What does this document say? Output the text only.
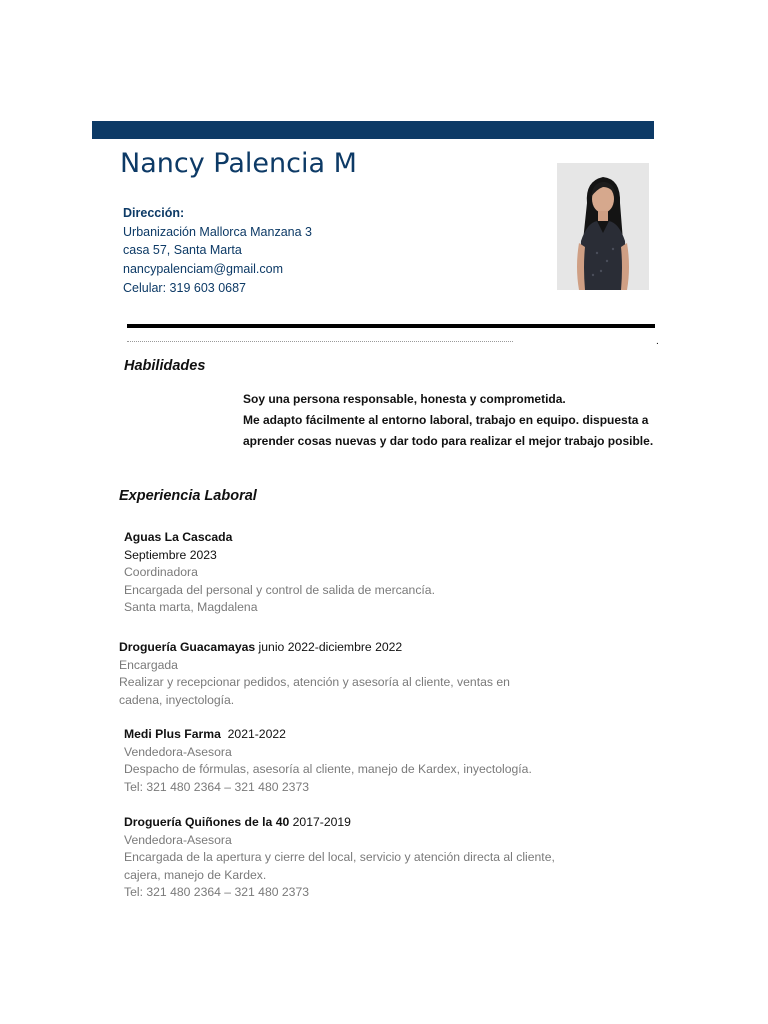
Nancy Palencia M
Dirección:
Urbanización Mallorca Manzana 3
casa 57, Santa Marta
nancypalenciam@gmail.com
Celular: 319 603 0687
.
Habilidades
Soy una persona responsable, honesta y comprometida.
Me adapto fácilmente al entorno laboral, trabajo en equipo. dispuesta a
aprender cosas nuevas y dar todo para realizar el mejor trabajo posible.
Experiencia Laboral
Aguas La Cascada
Septiembre 2023
Coordinadora
Encargada del personal y control de salida de mercancía.
Santa marta, Magdalena
Droguería Guacamayas junio 2022-diciembre 2022
Encargada
Realizar y recepcionar pedidos, atención y asesoría al cliente, ventas en
cadena, inyectología.
Medi Plus Farma  2021-2022
Vendedora-Asesora
Despacho de fórmulas, asesoría al cliente, manejo de Kardex, inyectología.
Tel: 321 480 2364 – 321 480 2373
Droguería Quiñones de la 40 2017-2019
Vendedora-Asesora
Encargada de la apertura y cierre del local, servicio y atención directa al cliente,
cajera, manejo de Kardex.
Tel: 321 480 2364 – 321 480 2373
